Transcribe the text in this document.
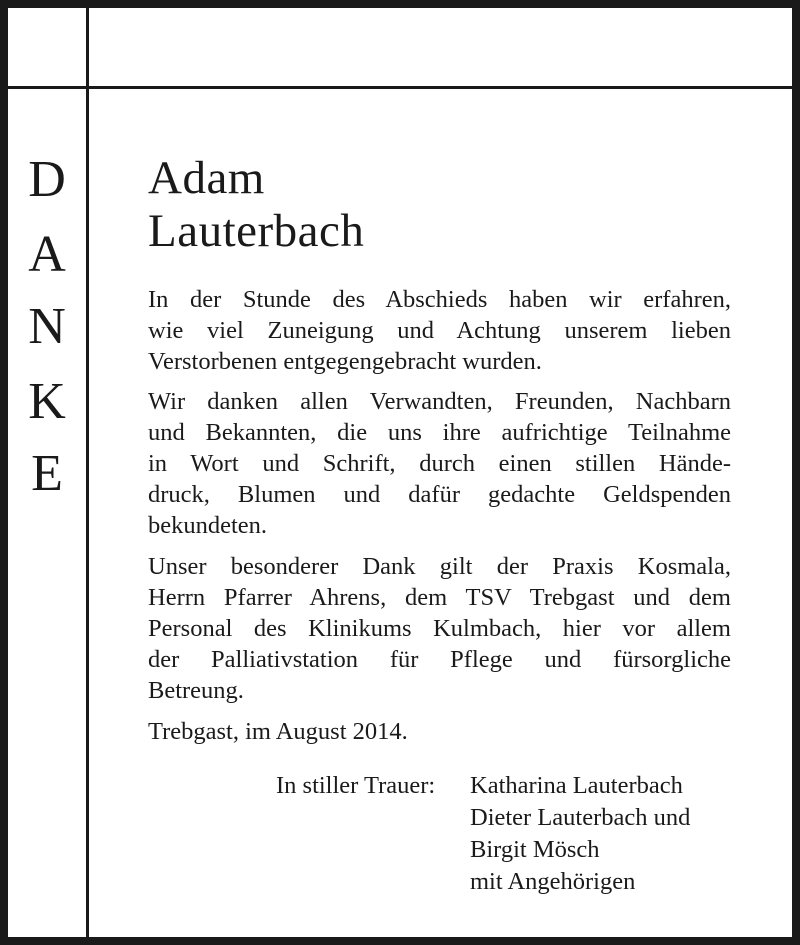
D
A
N
K
E
Adam
Lauterbach
In der Stunde des Abschieds haben wir erfahren,
wie viel Zuneigung und Achtung unserem lieben
Verstorbenen entgegengebracht wurden.
Wir danken allen Verwandten, Freunden, Nachbarn
und Bekannten, die uns ihre aufrichtige Teilnahme
in Wort und Schrift, durch einen stillen Hände-
druck, Blumen und dafür gedachte Geldspenden
bekundeten.
Unser besonderer Dank gilt der Praxis Kosmala,
Herrn Pfarrer Ahrens, dem TSV Trebgast und dem
Personal des Klinikums Kulmbach, hier vor allem
der Palliativstation für Pflege und fürsorgliche
Betreung.
Trebgast, im August 2014.
In stiller Trauer: Katharina Lauterbach
Dieter Lauterbach und
Birgit Mösch
mit Angehörigen
